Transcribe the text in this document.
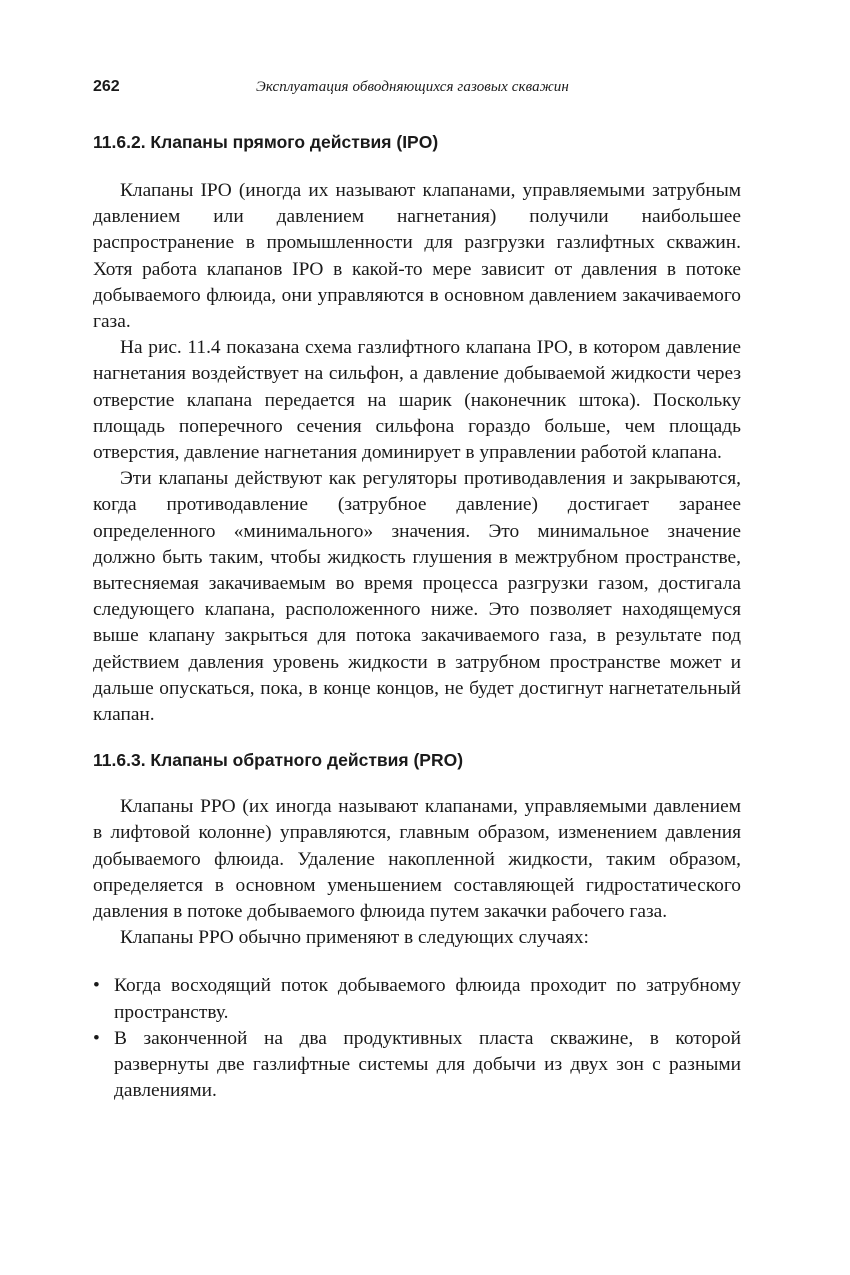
262	Эксплуатация обводняющихся газовых скважин
11.6.2. Клапаны прямого действия (IPO)

Клапаны IPO (иногда их называют клапанами, управляемыми затрубным давлением или давлением нагнетания) получили наибольшее распространение в промышленности для разгрузки газлифтных скважин. Хотя работа клапанов IPO в какой-то мере зависит от давления в потоке добываемого флюида, они управляются в основном давлением закачиваемого газа.

На рис. 11.4 показана схема газлифтного клапана IPO, в котором давление нагнетания воздействует на сильфон, а давление добываемой жидкости через отверстие клапана передается на шарик (наконечник штока). Поскольку площадь поперечного сечения сильфона гораздо больше, чем площадь отверстия, давление нагнетания доминирует в управлении работой клапана.

Эти клапаны действуют как регуляторы противодавления и закрываются, когда противодавление (затрубное давление) достигает заранее определенного «минимального» значения. Это минимальное значение должно быть таким, чтобы жидкость глушения в межтрубном пространстве, вытесняемая закачиваемым во время процесса разгрузки газом, достигала следующего клапана, расположенного ниже. Это позволяет находящемуся выше клапану закрыться для потока закачиваемого газа, в результате под действием давления уровень жидкости в затрубном пространстве может и дальше опускаться, пока, в конце концов, не будет достигнут нагнетательный клапан.

11.6.3. Клапаны обратного действия (PRO)

Клапаны PPO (их иногда называют клапанами, управляемыми давлением в лифтовой колонне) управляются, главным образом, изменением давления добываемого флюида. Удаление накопленной жидкости, таким образом, определяется в основном уменьшением составляющей гидростатического давления в потоке добываемого флюида путем закачки рабочего газа.

Клапаны PPO обычно применяют в следующих случаях:

• Когда восходящий поток добываемого флюида проходит по затрубному пространству.
• В законченной на два продуктивных пласта скважине, в которой развернуты две газлифтные системы для добычи из двух зон с разными давлениями.
